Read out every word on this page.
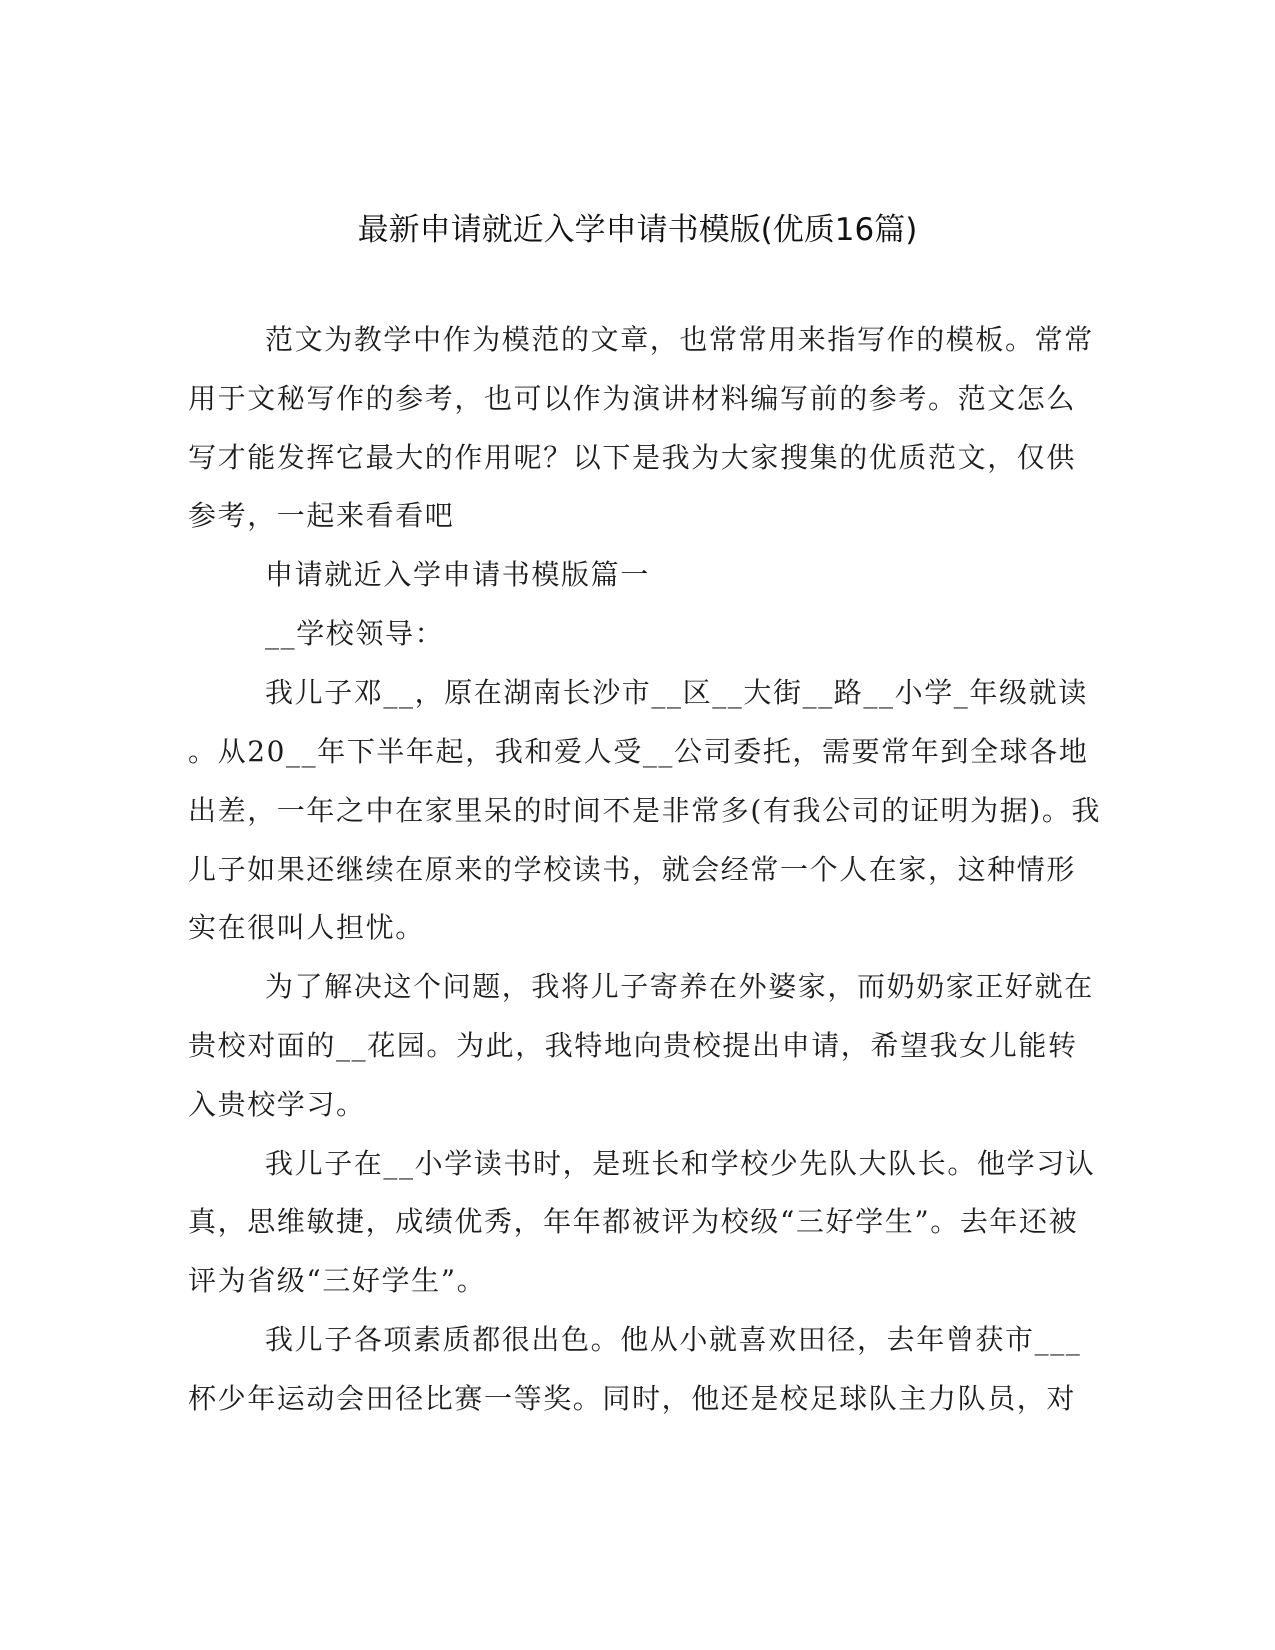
最新申请就近入学申请书模版(优质16篇)
范文为教学中作为模范的文章，也常常用来指写作的模板。常常
用于文秘写作的参考，也可以作为演讲材料编写前的参考。范文怎么
写才能发挥它最大的作用呢？以下是我为大家搜集的优质范文，仅供
参考，一起来看看吧
申请就近入学申请书模版篇一
__学校领导：
我儿子邓__，原在湖南长沙市__区__大街__路__小学_年级就读
。从20__年下半年起，我和爱人受__公司委托，需要常年到全球各地
出差，一年之中在家里呆的时间不是非常多(有我公司的证明为据)。我
儿子如果还继续在原来的学校读书，就会经常一个人在家，这种情形
实在很叫人担忧。
为了解决这个问题，我将儿子寄养在外婆家，而奶奶家正好就在
贵校对面的__花园。为此，我特地向贵校提出申请，希望我女儿能转
入贵校学习。
我儿子在__小学读书时，是班长和学校少先队大队长。他学习认
真，思维敏捷，成绩优秀，年年都被评为校级“三好学生”。去年还被
评为省级“三好学生”。
我儿子各项素质都很出色。他从小就喜欢田径，去年曾获市___
杯少年运动会田径比赛一等奖。同时，他还是校足球队主力队员，对
